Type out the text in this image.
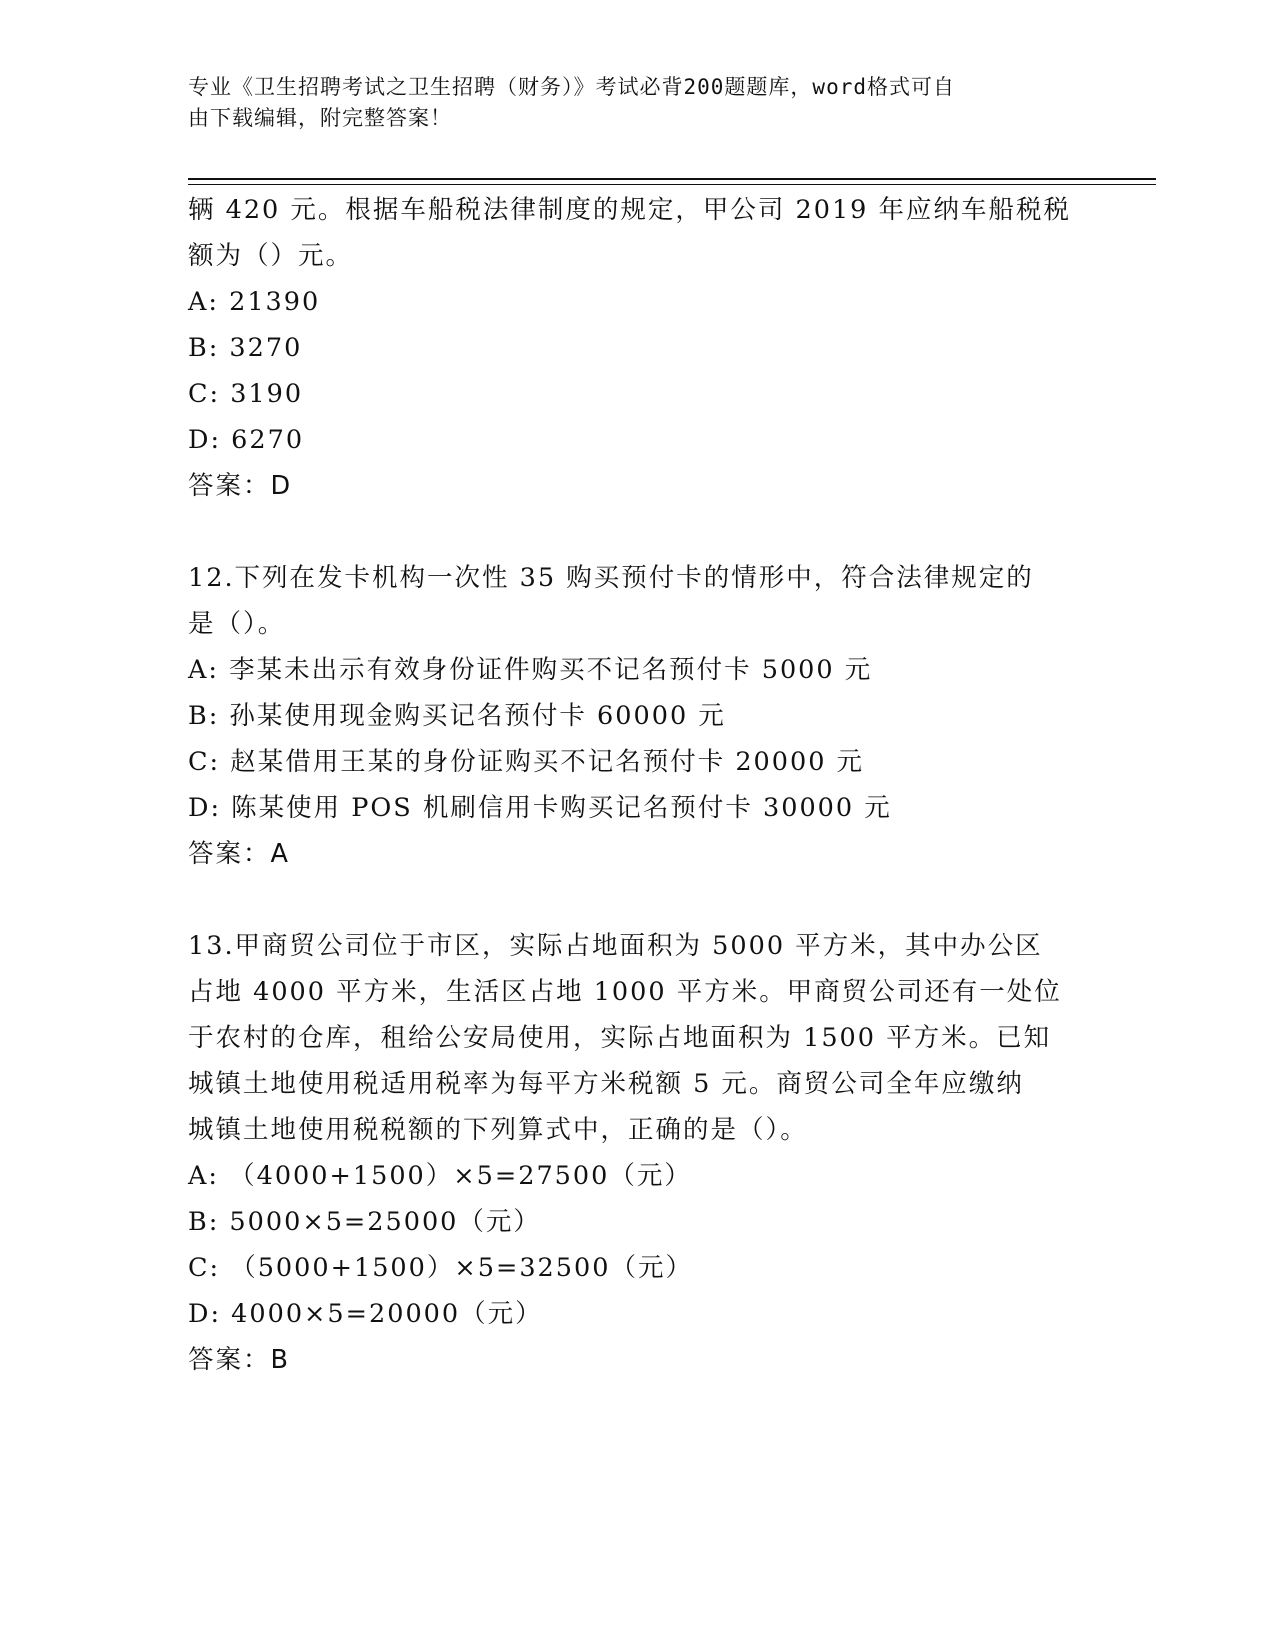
专业《卫生招聘考试之卫生招聘（财务）》考试必背200题题库，word格式可自
由下载编辑，附完整答案！
辆 420 元。根据车船税法律制度的规定，甲公司 2019 年应纳车船税税
额为（）元。
A: 21390
B: 3270
C: 3190
D: 6270
答案：D
12.下列在发卡机构一次性 35 购买预付卡的情形中，符合法律规定的
是（）。
A: 李某未出示有效身份证件购买不记名预付卡 5000 元
B: 孙某使用现金购买记名预付卡 60000 元
C: 赵某借用王某的身份证购买不记名预付卡 20000 元
D: 陈某使用 POS 机刷信用卡购买记名预付卡 30000 元
答案：A
13.甲商贸公司位于市区，实际占地面积为 5000 平方米，其中办公区
占地 4000 平方米，生活区占地 1000 平方米。甲商贸公司还有一处位
于农村的仓库，租给公安局使用，实际占地面积为 1500 平方米。已知
城镇土地使用税适用税率为每平方米税额 5 元。商贸公司全年应缴纳
城镇土地使用税税额的下列算式中，正确的是（）。
A: （4000+1500）×5=27500（元）
B: 5000×5=25000（元）
C: （5000+1500）×5=32500（元）
D: 4000×5=20000（元）
答案：B
